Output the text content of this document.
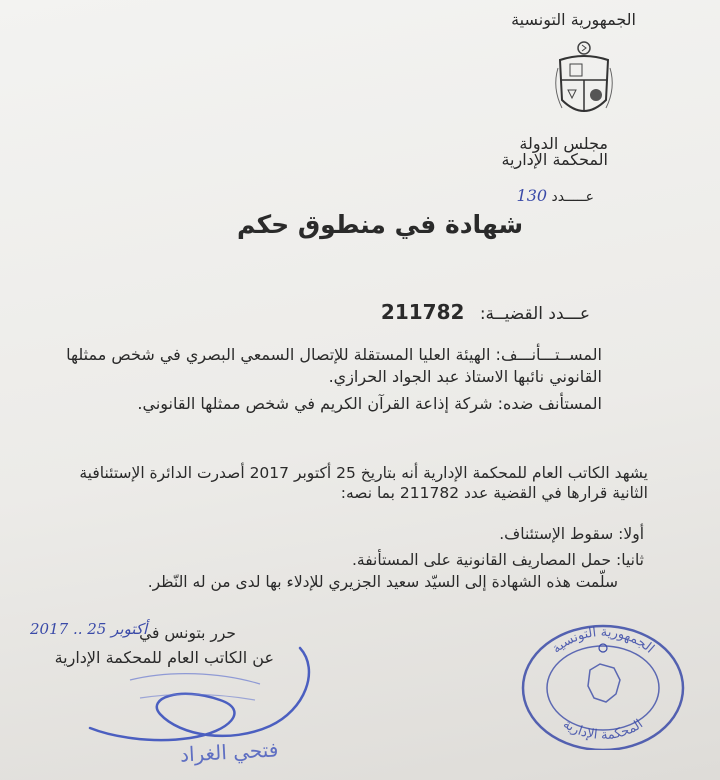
الجمهورية التونسية
مجلس الدولة
المحكمة الإدارية
عـــــدد 130
شهادة في منطوق حكم
عـــدد القضيــة: 211782
المســتـــأنـــف: الهيئة العليا المستقلة للإتصال السمعي البصري في شخص ممثلها
القانوني نائبها الاستاذ عبد الجواد الحرازي.
المستأنف ضده: شركة إذاعة القرآن الكريم في شخص ممثلها القانوني.
يشهد الكاتب العام للمحكمة الإدارية أنه بتاريخ 25 أكتوبر 2017 أصدرت الدائرة الإستئنافية
الثانية قرارها في القضية عدد 211782 بما نصه:
أولا: سقوط الإستئناف.
ثانيا: حمل المصاريف القانونية على المستأنفة.
سلّمت هذه الشهادة إلى السيّد سعيد الجزيري للإدلاء بها لدى من له النّظر.
حرر بتونس في
2017 .. أكتوبر 25
عن الكاتب العام للمحكمة الإدارية
فتحي الغراد
الجمهورية التونسية
المحكمة الإدارية
